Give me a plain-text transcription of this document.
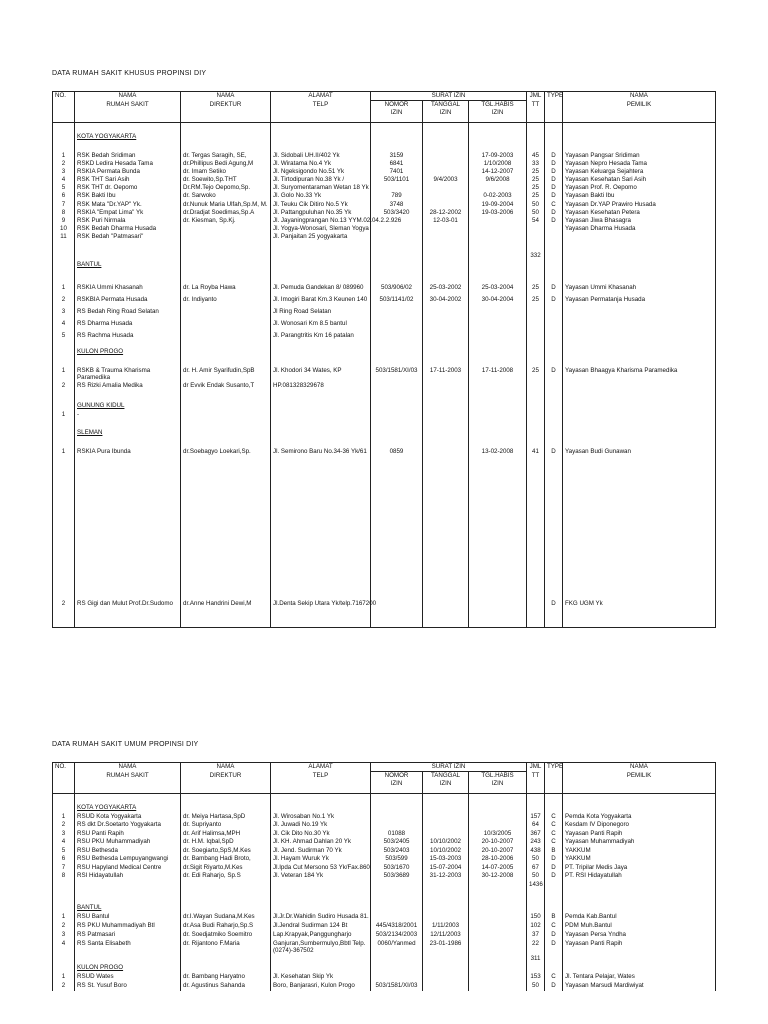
DATA RUMAH SAKIT KHUSUS PROPINSI DIY
NO.	NAMA	NAMA	ALAMAT	SURAT IZIN			JML	TYPE	NAMA
	RUMAH SAKIT	DIREKTUR	TELP	NOMOR
IZIN	TANGGAL
IZIN	TGL.HABIS
IZIN	TT		PEMILIK

	KOTA YOGYAKARTA								

1	RSK Bedah Sridiman	dr. Tergas Saragih, SE,	Jl. Sidobali UH.II/402 Yk	3159		17-09-2003	45	D	Yayasan Pangsar Sridiman
2	RSKD Ledira Hesada Tama	dr.Phillipus Bedi Agung,M	Jl. Wiratama No.4 Yk	6841		1/10/2008	33	D	Yayasan Nepro Hesada Tama
3	RSKIA Permata Bunda	dr. Imam Setiko	Jl. Ngeksigondo No.51 Yk	7401		14-12-2007	25	D	Yayasan Keluarga Sejahtera
4	RSK THT Sari Asih	dr. Soewito,Sp.THT	Jl. Tirtodipuran No.38 Yk /	503/1101	9/4/2003	9/6/2008	25	D	Yayasan Kesehatan Sari Asih
5	RSK THT dr. Oepomo	Dr.RM.Tejo Oepomo,Sp.	Jl. Suryomentaraman Wetan 18 Yk				25	D	Yayasan Prof. R. Oepomo
6	RSK Bakti Ibu	dr. Sarwoko	Jl. Golo No.33 Yk	789		0-02-2003	25	D	Yayasan Bakti Ibu
7	RSK Mata "Dr.YAP" Yk.	dr.Nunuk Maria Ulfah,Sp.M, M.	Jl. Teuku Cik Ditiro No.5 Yk	3748		19-09-2004	50	C	Yayasan Dr.YAP Prawiro Husada
8	RSKIA "Empat Lima" Yk	dr.Dradjat Soedimas,Sp.A	Jl. Pattangpuluhan No.35 Yk	503/3420	28-12-2002	19-03-2006	50	D	Yayasan Kesehatan Petera
9	RSK Puri Nirmala	dr. Kiesman, Sp.Kj.	Jl. Jayaningprangan No.13 YYM.02.04.2.2.926		12-03-01		54	D	Yayasan Jiwa Bhasagra
10	RSK Bedah Dharma Husada		Jl. Yogya-Wonosari, Sleman Yogya						Yayasan Dharma Husada
11	RSK Bedah "Patmasari"		Jl. Panjaitan 25 yogyakarta						

							332		
	BANTUL								

1	RSKIA Ummi Khasanah	dr. La Royba Hawa	Jl. Pemuda Gandekan 8/ 089960	503/906/02	25-03-2002	25-03-2004	25	D	Yayasan Ummi Khasanah
2	RSKBIA Permata Husada	dr. Indiyanto	Jl. Imogiri Barat Km.3 Keunen 140	503/1141/02	30-04-2002	30-04-2004	25	D	Yayasan Permatanja Husada
3	RS Bedah Ring Road Selatan		Jl Ring Road Selatan						
4	RS Dharma Husada		Jl. Wonosari Km 8.5 bantul						
5	RS Rachma Husada		Jl. Parangtritis Km 16 patalan						

	KULON PROGO								

1	RSKB & Trauma Kharisma Paramedika	dr. H. Amir Syarifudin,SpB	Jl. Khodori 34 Wates, KP	503/1581/XI/03	17-11-2003	17-11-2008	25	D	Yayasan Bhaagya Kharisma Paramedika
2	RS Rizki Amalia Medika	dr Evvik Endak Susanto,T	HP.081328329678						

	GUNUNG KIDUL								
1	-								

	SLEMAN								

1	RSKIA Pura Ibunda	dr.Soebagyo Loekari,Sp.	Jl. Semirono Baru No.34-36 Yk/61	0859		13-02-2008	41	D	Yayasan Budi Gunawan

2	RS Gigi dan Mulut Prof.Dr.Sudomo	dr.Anne Handrini Dewi,M	Jl.Denta Sekip Utara Yk/telp.7167200					D	FKG UGM Yk

DATA RUMAH SAKIT UMUM PROPINSI DIY
NO.	NAMA	NAMA	ALAMAT	SURAT IZIN			JML	TYPE	NAMA
	RUMAH SAKIT	DIREKTUR	TELP	NOMOR
IZIN	TANGGAL
IZIN	TGL.HABIS
IZIN	TT		PEMILIK

	KOTA YOGYAKARTA								
1	RSUD Kota Yogyakarta	dr. Meiya Hartasa,SpD	Jl. Wirosaban No.1 Yk				157	C	Pemda Kota Yogyakarta
2	RS dkt Dr.Soetarto Yogyakarta	dr. Supriyanto	Jl. Juwadi No.19 Yk				64	C	Kesdam IV Diponegoro
3	RSU Panti Rapih	dr. Arif Halimsa,MPH	Jl. Cik Dito No.30 Yk	01088		10/3/2005	367	C	Yayasan Panti Rapih
4	RSU PKU Muhammadiyah	dr. H.M. Iqbal,SpD	Jl. KH. Ahmad Dahlan 20 Yk	503/2405	10/10/2002	20-10-2007	243	C	Yayasan Muhammadiyah
5	RSU Bethesda	dr. Soegiarto,SpS,M.Kes	Jl. Jend. Sudirman 70 Yk	503/2403	10/10/2002	20-10-2007	438	B	YAKKUM
6	RSU Bethesda Lempuyangwangi	dr. Bambang Hadi Broto,	Jl. Hayam Wuruk Yk	503/599	15-03-2003	28-10-2006	50	D	YAKKUM
7	RSU Hapyland Medical Centre	dr.Sigit Riyarto,M.Kes	Jl.Ipda Cut Mersono 53 Yk/Fax.860	503/1670	15-07-2004	14-07-2005	67	D	PT. Tripilar Medis Jaya
8	RSI Hidayatullah	dr. Edi Raharjo, Sp.S	Jl. Veteran 184 Yk	503/3689	31-12-2003	30-12-2008	50	D	PT. RSI Hidayatullah
							1436		

	BANTUL								
1	RSU Bantul	dr.I.Wayan Sudana,M.Kes	Jl.Jr.Dr.Wahidin Sudiro Husada 81.				150	B	Pemda Kab.Bantul
2	RS PKU Muhammadiyah Btl	dr.Asa Budi Raharjo,Sp.S	Jl.Jendral Sudirman 124 Bt	445/4318/2001	1/11/2003		102	C	PDM Muh.Bantul
3	RS Patmasari	dr. Soedjatmiko Soemitro	Lap.Krapyak,Panggungharjo	503/2134/2003	12/11/2003		37	D	Yayasan Persa Yndha
4	RS Santa Elisabeth	dr. Rijantono F.Maria	Ganjuran,Sumbermulyo,Bbtl Telp.(0274)-367502	0060/Yanmed	23-01-1986		22	D	Yayasan Panti Rapih
							311		
	KULON PROGO								
1	RSUD Wates	dr. Bambang Haryatno	Jl. Kesehatan Skip Yk				153	C	Jl. Tentara Pelajar, Wates
2	RS St. Yusuf Boro	dr. Agustinus Sahanda	Boro, Banjarasri, Kulon Progo	503/1581/XI/03			50	D	Yayasan Marsudi Mardiwiyat
